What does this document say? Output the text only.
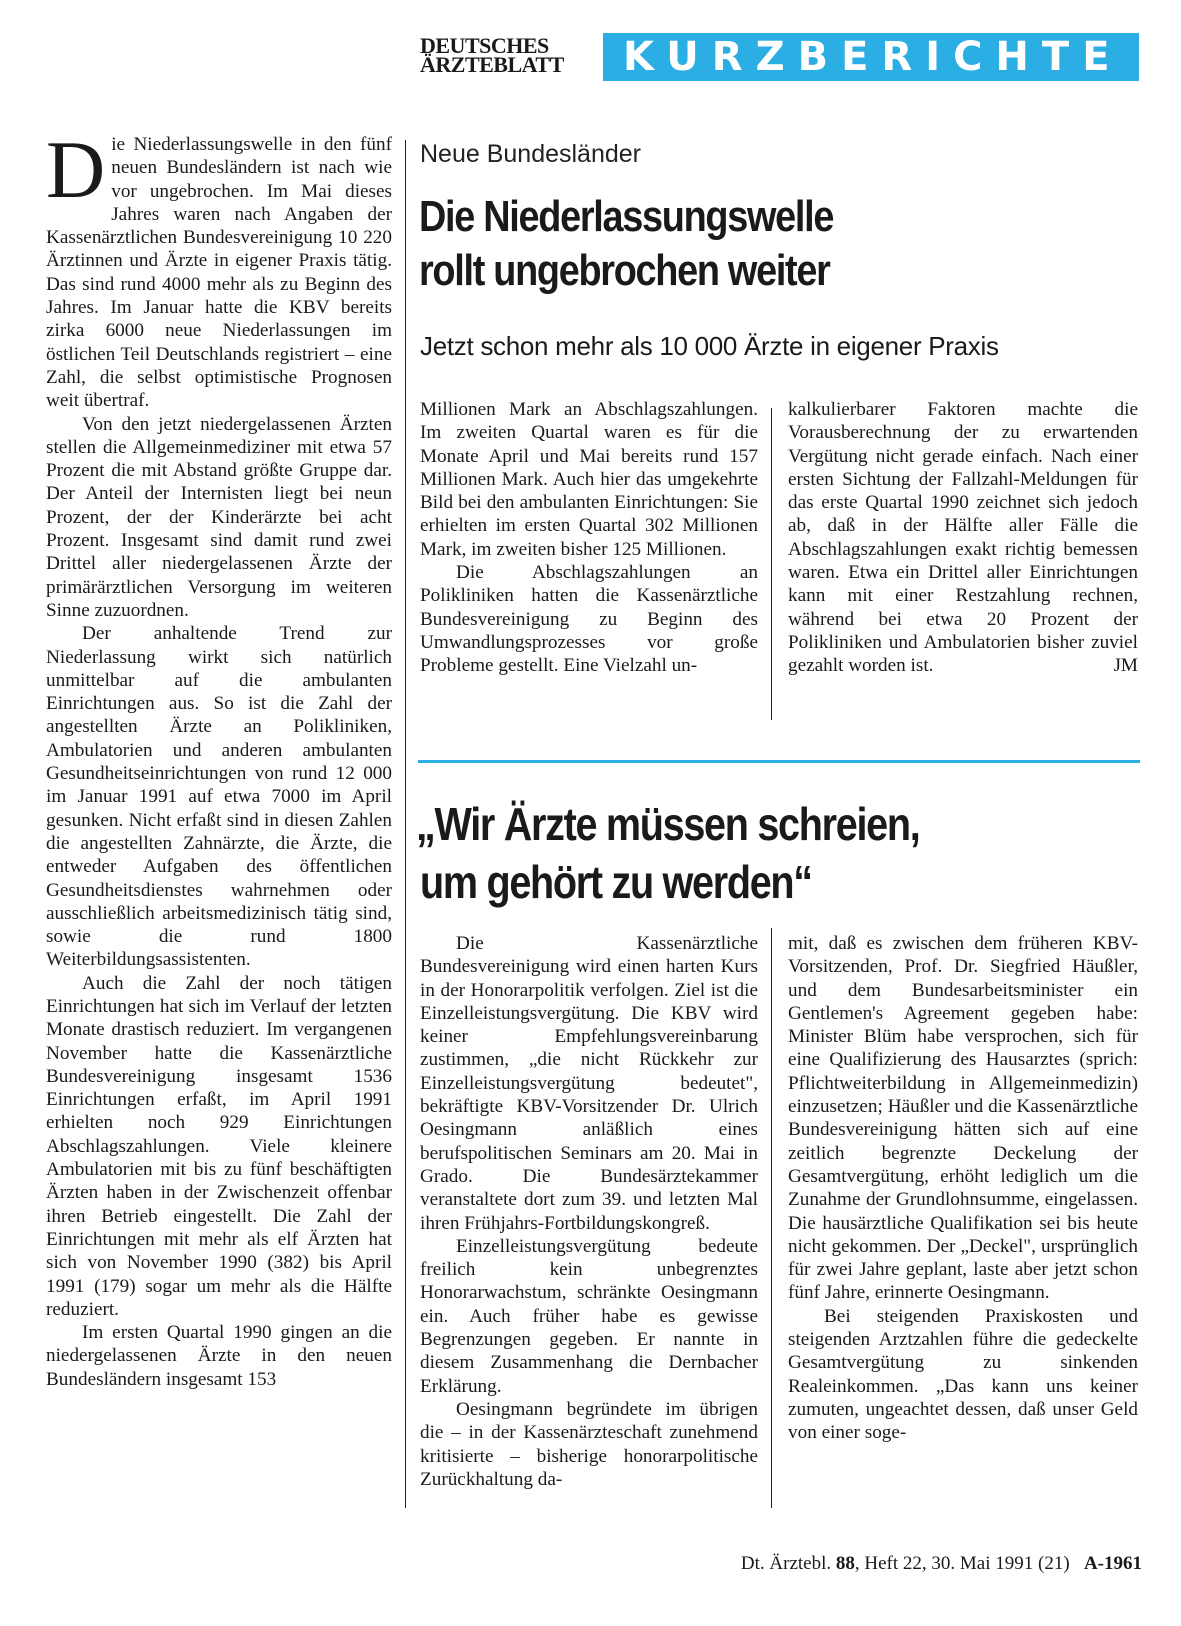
DEUTSCHES
ÄRZTEBLATT	KURZBERICHTE

Die Niederlassungswelle in den fünf neuen Bundesländern ist nach wie vor ungebrochen. Im Mai dieses Jahres waren nach Angaben der Kassenärztlichen Bundesvereinigung 10 220 Ärztinnen und Ärzte in eigener Praxis tätig. Das sind rund 4000 mehr als zu Beginn des Jahres. Im Januar hatte die KBV bereits zirka 6000 neue Niederlassungen im östlichen Teil Deutschlands registriert – eine Zahl, die selbst optimistische Prognosen weit übertraf.

Von den jetzt niedergelassenen Ärzten stellen die Allgemeinmediziner mit etwa 57 Prozent die mit Abstand größte Gruppe dar. Der Anteil der Internisten liegt bei neun Prozent, der der Kinderärzte bei acht Prozent. Insgesamt sind damit rund zwei Drittel aller niedergelassenen Ärzte der primärärztlichen Versorgung im weiteren Sinne zuzuordnen.

Der anhaltende Trend zur Niederlassung wirkt sich natürlich unmittelbar auf die ambulanten Einrichtungen aus. So ist die Zahl der angestellten Ärzte an Polikliniken, Ambulatorien und anderen ambulanten Gesundheitseinrichtungen von rund 12 000 im Januar 1991 auf etwa 7000 im April gesunken. Nicht erfaßt sind in diesen Zahlen die angestellten Zahnärzte, die Ärzte, die entweder Aufgaben des öffentlichen Gesundheitsdienstes wahrnehmen oder ausschließlich arbeitsmedizinisch tätig sind, sowie die rund 1800 Weiterbildungsassistenten.

Auch die Zahl der noch tätigen Einrichtungen hat sich im Verlauf der letzten Monate drastisch reduziert. Im vergangenen November hatte die Kassenärztliche Bundesvereinigung insgesamt 1536 Einrichtungen erfaßt, im April 1991 erhielten noch 929 Einrichtungen Abschlagszahlungen. Viele kleinere Ambulatorien mit bis zu fünf beschäftigten Ärzten haben in der Zwischenzeit offenbar ihren Betrieb eingestellt. Die Zahl der Einrichtungen mit mehr als elf Ärzten hat sich von November 1990 (382) bis April 1991 (179) sogar um mehr als die Hälfte reduziert.

Im ersten Quartal 1990 gingen an die niedergelassenen Ärzte in den neuen Bundesländern insgesamt 153

Neue Bundesländer
Die Niederlassungswelle
rollt ungebrochen weiter
Jetzt schon mehr als 10 000 Ärzte in eigener Praxis

Millionen Mark an Abschlagszahlungen. Im zweiten Quartal waren es für die Monate April und Mai bereits rund 157 Millionen Mark. Auch hier das umgekehrte Bild bei den ambulanten Einrichtungen: Sie erhielten im ersten Quartal 302 Millionen Mark, im zweiten bisher 125 Millionen.

Die Abschlagszahlungen an Polikliniken hatten die Kassenärztliche Bundesvereinigung zu Beginn des Umwandlungsprozesses vor große Probleme gestellt. Eine Vielzahl un-

kalkulierbarer Faktoren machte die Vorausberechnung der zu erwartenden Vergütung nicht gerade einfach. Nach einer ersten Sichtung der Fallzahl-Meldungen für das erste Quartal 1990 zeichnet sich jedoch ab, daß in der Hälfte aller Fälle die Abschlagszahlungen exakt richtig bemessen waren. Etwa ein Drittel aller Einrichtungen kann mit einer Restzahlung rechnen, während bei etwa 20 Prozent der Polikliniken und Ambulatorien bisher zuviel gezahlt worden ist.	JM

„Wir Ärzte müssen schreien,
um gehört zu werden“

Die Kassenärztliche Bundesvereinigung wird einen harten Kurs in der Honorarpolitik verfolgen. Ziel ist die Einzelleistungsvergütung. Die KBV wird keiner Empfehlungsvereinbarung zustimmen, „die nicht Rückkehr zur Einzelleistungsvergütung bedeutet", bekräftigte KBV-Vorsitzender Dr. Ulrich Oesingmann anläßlich eines berufspolitischen Seminars am 20. Mai in Grado. Die Bundesärztekammer veranstaltete dort zum 39. und letzten Mal ihren Frühjahrs-Fortbildungskongreß.

Einzelleistungsvergütung bedeute freilich kein unbegrenztes Honorarwachstum, schränkte Oesingmann ein. Auch früher habe es gewisse Begrenzungen gegeben. Er nannte in diesem Zusammenhang die Dernbacher Erklärung.

Oesingmann begründete im übrigen die – in der Kassenärzteschaft zunehmend kritisierte – bisherige honorarpolitische Zurückhaltung da-

mit, daß es zwischen dem früheren KBV-Vorsitzenden, Prof. Dr. Siegfried Häußler, und dem Bundesarbeitsminister ein Gentlemen's Agreement gegeben habe: Minister Blüm habe versprochen, sich für eine Qualifizierung des Hausarztes (sprich: Pflichtweiterbildung in Allgemeinmedizin) einzusetzen; Häußler und die Kassenärztliche Bundesvereinigung hätten sich auf eine zeitlich begrenzte Deckelung der Gesamtvergütung, erhöht lediglich um die Zunahme der Grundlohnsumme, eingelassen. Die hausärztliche Qualifikation sei bis heute nicht gekommen. Der „Deckel", ursprünglich für zwei Jahre geplant, laste aber jetzt schon fünf Jahre, erinnerte Oesingmann.

Bei steigenden Praxiskosten und steigenden Arztzahlen führe die gedeckelte Gesamtvergütung zu sinkenden Realeinkommen. „Das kann uns keiner zumuten, ungeachtet dessen, daß unser Geld von einer soge-

Dt. Ärztebl. 88, Heft 22, 30. Mai 1991 (21) A-1961
